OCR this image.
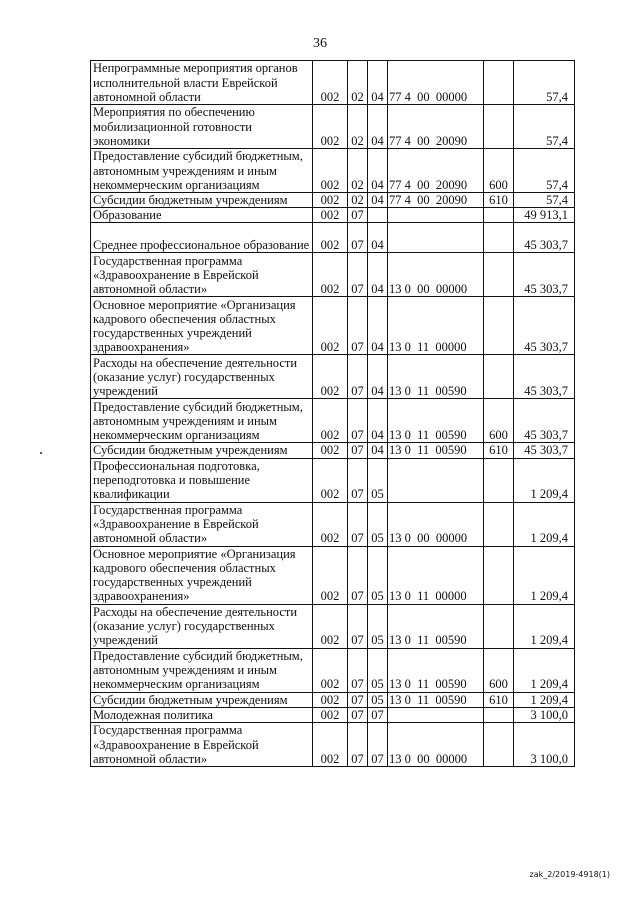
36
Непрограммные мероприятия органов исполнительной власти Еврейской автономной области	002	02	04	77 4  00  00000		57,4
Мероприятия по обеспечению мобилизационной готовности экономики	002	02	04	77 4  00  20090		57,4
Предоставление субсидий бюджетным, автономным учреждениям и иным некоммерческим организациям	002	02	04	77 4  00  20090	600	57,4
Субсидии бюджетным учреждениям	002	02	04	77 4  00  20090	610	57,4
Образование	002	07				49 913,1
Среднее профессиональное образование	002	07	04			45 303,7
Государственная программа «Здравоохранение в Еврейской автономной области»	002	07	04	13 0  00  00000		45 303,7
Основное мероприятие «Организация кадрового обеспечения областных государственных учреждений здравоохранения»	002	07	04	13 0  11  00000		45 303,7
Расходы на обеспечение деятельности (оказание услуг) государственных учреждений	002	07	04	13 0  11  00590		45 303,7
Предоставление субсидий бюджетным, автономным учреждениям и иным некоммерческим организациям	002	07	04	13 0  11  00590	600	45 303,7
Субсидии бюджетным учреждениям	002	07	04	13 0  11  00590	610	45 303,7
Профессиональная подготовка, переподготовка и повышение квалификации	002	07	05			1 209,4
Государственная программа «Здравоохранение в Еврейской автономной области»	002	07	05	13 0  00  00000		1 209,4
Основное мероприятие «Организация кадрового обеспечения областных государственных учреждений здравоохранения»	002	07	05	13 0  11  00000		1 209,4
Расходы на обеспечение деятельности (оказание услуг) государственных учреждений	002	07	05	13 0  11  00590		1 209,4
Предоставление субсидий бюджетным, автономным учреждениям и иным некоммерческим организациям	002	07	05	13 0  11  00590	600	1 209,4
Субсидии бюджетным учреждениям	002	07	05	13 0  11  00590	610	1 209,4
Молодежная политика	002	07	07			3 100,0
Государственная программа «Здравоохранение в Еврейской автономной области»	002	07	07	13 0  00  00000		3 100,0
zak_2/2019-4918(1)
